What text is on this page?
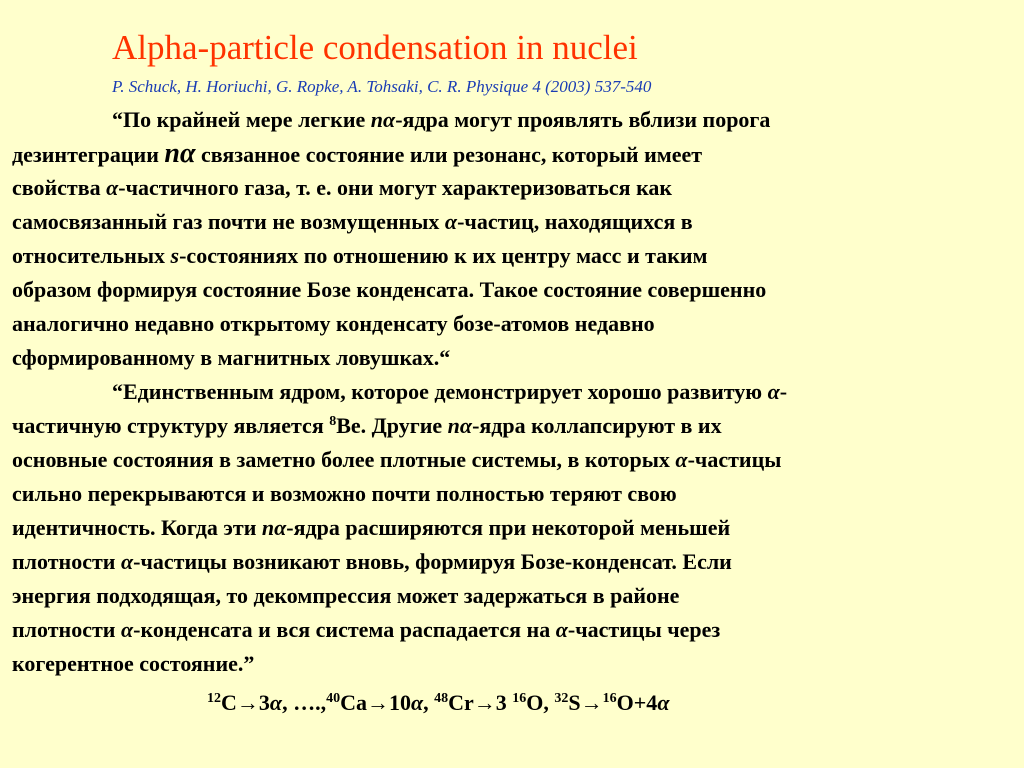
Alpha-particle condensation in nuclei
P. Schuck, H. Horiuchi, G. Ropke, A. Tohsaki, C. R. Physique 4 (2003) 537-540
“По крайней мере легкие nα-ядра могут проявлять вблизи порога
дезинтеграции nα связанное состояние или резонанс, который имеет
свойства α-частичного газа, т. е. они могут характеризоваться как
самосвязанный газ почти не возмущенных α-частиц, находящихся в
относительных s-состояниях по отношению к их центру масс и таким
образом формируя состояние Бозе конденсата. Такое состояние совершенно
аналогично недавно открытому конденсату бозе-атомов недавно
сформированному в магнитных ловушках.“
“Единственным ядром, которое демонстрирует хорошо развитую α-
частичную структуру является $^8$Be. Другие nα-ядра коллапсируют в их
основные состояния в заметно более плотные системы, в которых α-частицы
сильно перекрываются и возможно почти полностью теряют свою
идентичность. Когда эти nα-ядра расширяются при некоторой меньшей
плотности α-частицы возникают вновь, формируя Бозе-конденсат. Если
энергия подходящая, то декомпрессия может задержаться в районе
плотности α-конденсата и вся система распадается на α-частицы через
когерентное состояние.”
$^{12}$C→3α, ….,$^{40}$Ca→10α, $^{48}$Cr→3 $^{16}$O, $^{32}$S→$^{16}$O+4α
